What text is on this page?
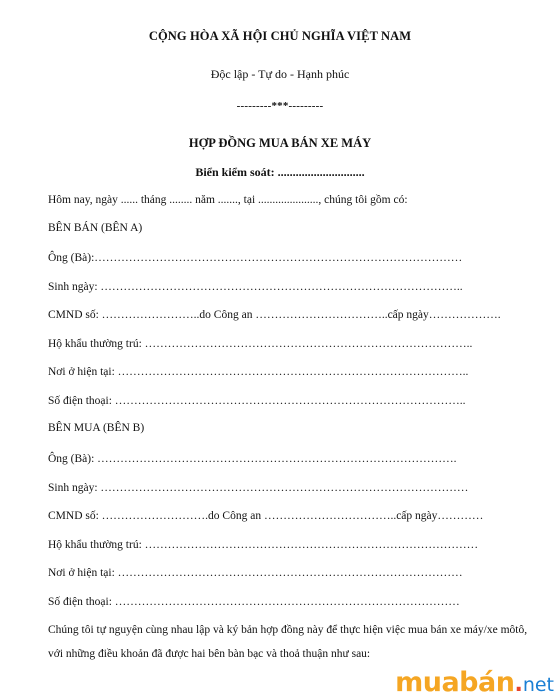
CỘNG HÒA XÃ HỘI CHỦ NGHĨA VIỆT NAM
Độc lập - Tự do - Hạnh phúc
---------***---------
HỢP ĐỒNG MUA BÁN XE MÁY
Biển kiểm soát: .............................
Hôm nay, ngày ...... tháng ........ năm ......., tại ....................., chúng tôi gồm có:
BÊN BÁN (BÊN A)
Ông (Bà):……………………………………………………………………………………
Sinh ngày: …………………………………………………………………………………..
CMND số: ……………………..do Công an ……………………………..cấp ngày……………….
Hộ khẩu thường trú: …………………………………………………………………………..
Nơi ở hiện tại: ………………………………………………………………………………..
Số điện thoại: ………………………………………………………………………………..
BÊN MUA (BÊN B)
Ông (Bà): ………………………………………………………………………………….
Sinh ngày: ……………………………………………………………………………………
CMND số: ……………………….do Công an ……………………………..cấp ngày…………
Hộ khẩu thường trú: ……………………………………………………………………………
Nơi ở hiện tại: ………………………………………………………………………………
Số điện thoại: ………………………………………………………………………………
Chúng tôi tự nguyện cùng nhau lập và ký bản hợp đồng này để thực hiện việc mua bán xe máy/xe môtô, với những điều khoản đã được hai bên bàn bạc và thoả thuận như sau:
muabán.net
